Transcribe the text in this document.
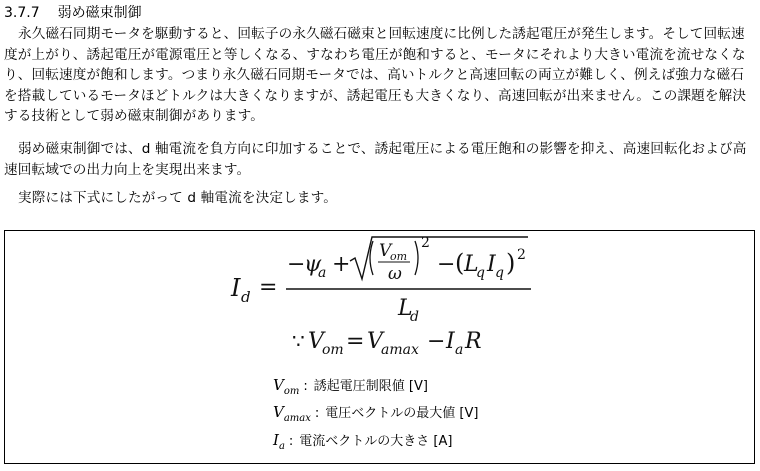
3.7.7 弱め磁束制御
永久磁石同期モータを駆動すると、回転子の永久磁石磁束と回転速度に比例した誘起電圧が発生します。そして回転速度が上がり、誘起電圧が電源電圧と等しくなる、すなわち電圧が飽和すると、モータにそれより大きい電流を流せなくなり、回転速度が飽和します。つまり永久磁石同期モータでは、高いトルクと高速回転の両立が難しく、例えば強力な磁石を搭載しているモータほどトルクは大きくなりますが、誘起電圧も大きくなり、高速回転が出来ません。この課題を解決する技術として弱め磁束制御があります。
弱め磁束制御では、d 軸電流を負方向に印加することで、誘起電圧による電圧飽和の影響を抑え、高速回転化および高速回転域での出力向上を実現出来ます。
実際には下式にしたがって d 軸電流を決定します。
I d =
−
ψ
a +
V
om
ω
2
− ( L
q I q ) 2
L
d
∵ V
om = V
amax − I a R
$V_{om}$ : 誘起電圧制限値 [V]
$V_{amax}$ : 電圧ベクトルの最大値 [V]
$I_a$ : 電流ベクトルの大きさ [A]
